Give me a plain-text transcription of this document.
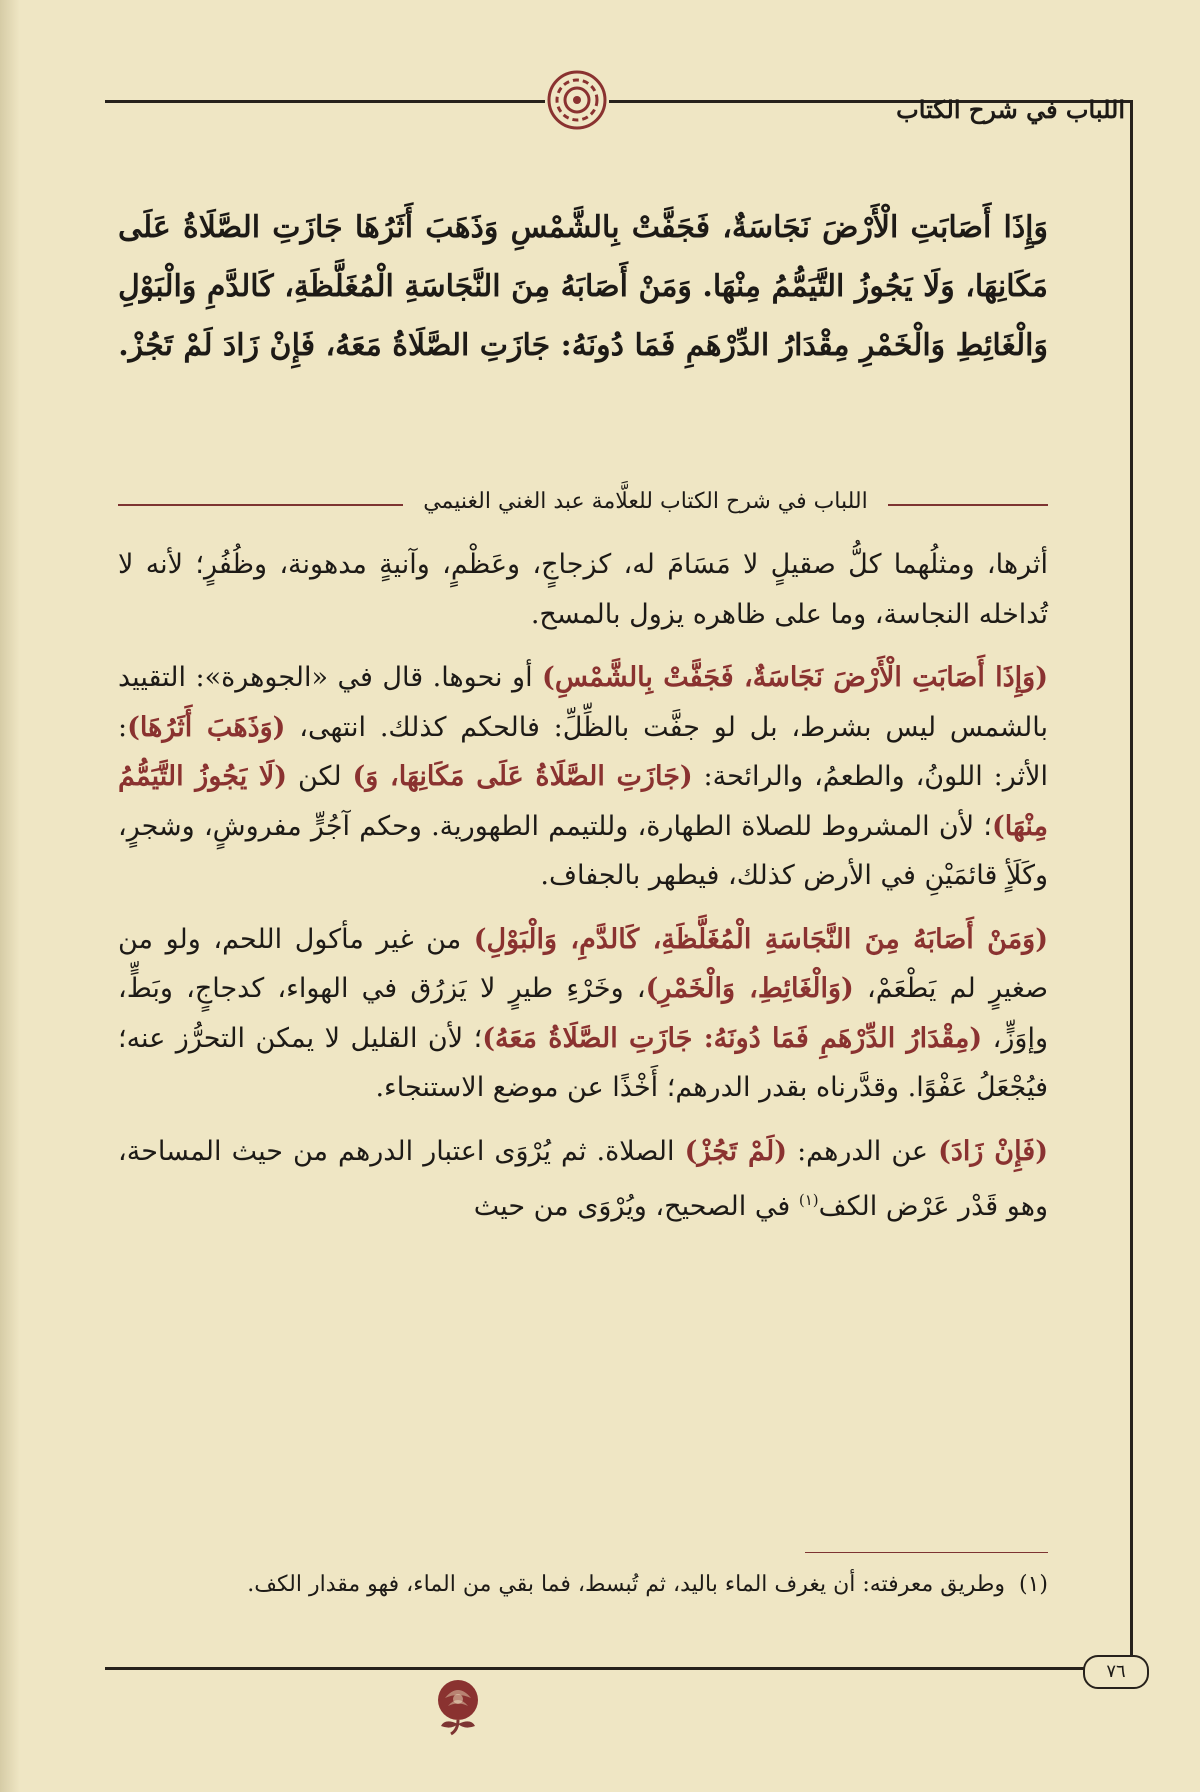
اللباب في شرح الكتاب

وَإِذَا أَصَابَتِ الْأَرْضَ نَجَاسَةٌ، فَجَفَّتْ بِالشَّمْسِ وَذَهَبَ أَثَرُهَا جَازَتِ الصَّلَاةُ عَلَى مَكَانِهَا، وَلَا يَجُوزُ التَّيَمُّمُ مِنْهَا. وَمَنْ أَصَابَهُ مِنَ النَّجَاسَةِ الْمُغَلَّظَةِ، كَالدَّمِ وَالْبَوْلِ وَالْغَائِطِ وَالْخَمْرِ مِقْدَارُ الدِّرْهَمِ فَمَا دُونَهُ: جَازَتِ الصَّلَاةُ مَعَهُ، فَإِنْ زَادَ لَمْ تَجُزْ.

اللباب في شرح الكتاب للعلَّامة عبد الغني الغنيمي

أثرها، ومثلُهما كلُّ صقيلٍ لا مَسَامَ له، كزجاجٍ، وعَظْمٍ، وآنيةٍ مدهونة، وظُفُرٍ؛ لأنه لا تُداخله النجاسة، وما على ظاهره يزول بالمسح.

(وَإِذَا أَصَابَتِ الْأَرْضَ نَجَاسَةٌ، فَجَفَّتْ بِالشَّمْسِ) أو نحوها. قال في «الجوهرة»: التقييد بالشمس ليس بشرط، بل لو جفَّت بالظِّلِّ: فالحكم كذلك. انتهى، (وَذَهَبَ أَثَرُهَا): الأثر: اللونُ، والطعمُ، والرائحة: (جَازَتِ الصَّلَاةُ عَلَى مَكَانِهَا، وَ) لكن (لَا يَجُوزُ التَّيَمُّمُ مِنْهَا)؛ لأن المشروط للصلاة الطهارة، وللتيمم الطهورية. وحكم آجُرٍّ مفروشٍ، وشجرٍ، وكَلَأٍ قائمَيْنِ في الأرض كذلك، فيطهر بالجفاف.

(وَمَنْ أَصَابَهُ مِنَ النَّجَاسَةِ الْمُغَلَّظَةِ، كَالدَّمِ، وَالْبَوْلِ) من غير مأكول اللحم، ولو من صغيرٍ لم يَطْعَمْ، (وَالْغَائِطِ، وَالْخَمْرِ)، وخَرْءِ طيرٍ لا يَزرُق في الهواء، كدجاجٍ، وبَطٍّ، وإوَزٍّ، (مِقْدَارُ الدِّرْهَمِ فَمَا دُونَهُ: جَازَتِ الصَّلَاةُ مَعَهُ)؛ لأن القليل لا يمكن التحرُّز عنه؛ فيُجْعَلُ عَفْوًا. وقدَّرناه بقدر الدرهم؛ أَخْذًا عن موضع الاستنجاء.

(فَإِنْ زَادَ) عن الدرهم: (لَمْ تَجُزْ) الصلاة. ثم يُرْوَى اعتبار الدرهم من حيث المساحة، وهو قَدْر عَرْض الكف$^{(١)}$ في الصحيح، ويُرْوَى من حيث

(١)وطريق معرفته: أن يغرف الماء باليد، ثم تُبسط، فما بقي من الماء، فهو مقدار الكف.
٧٦
